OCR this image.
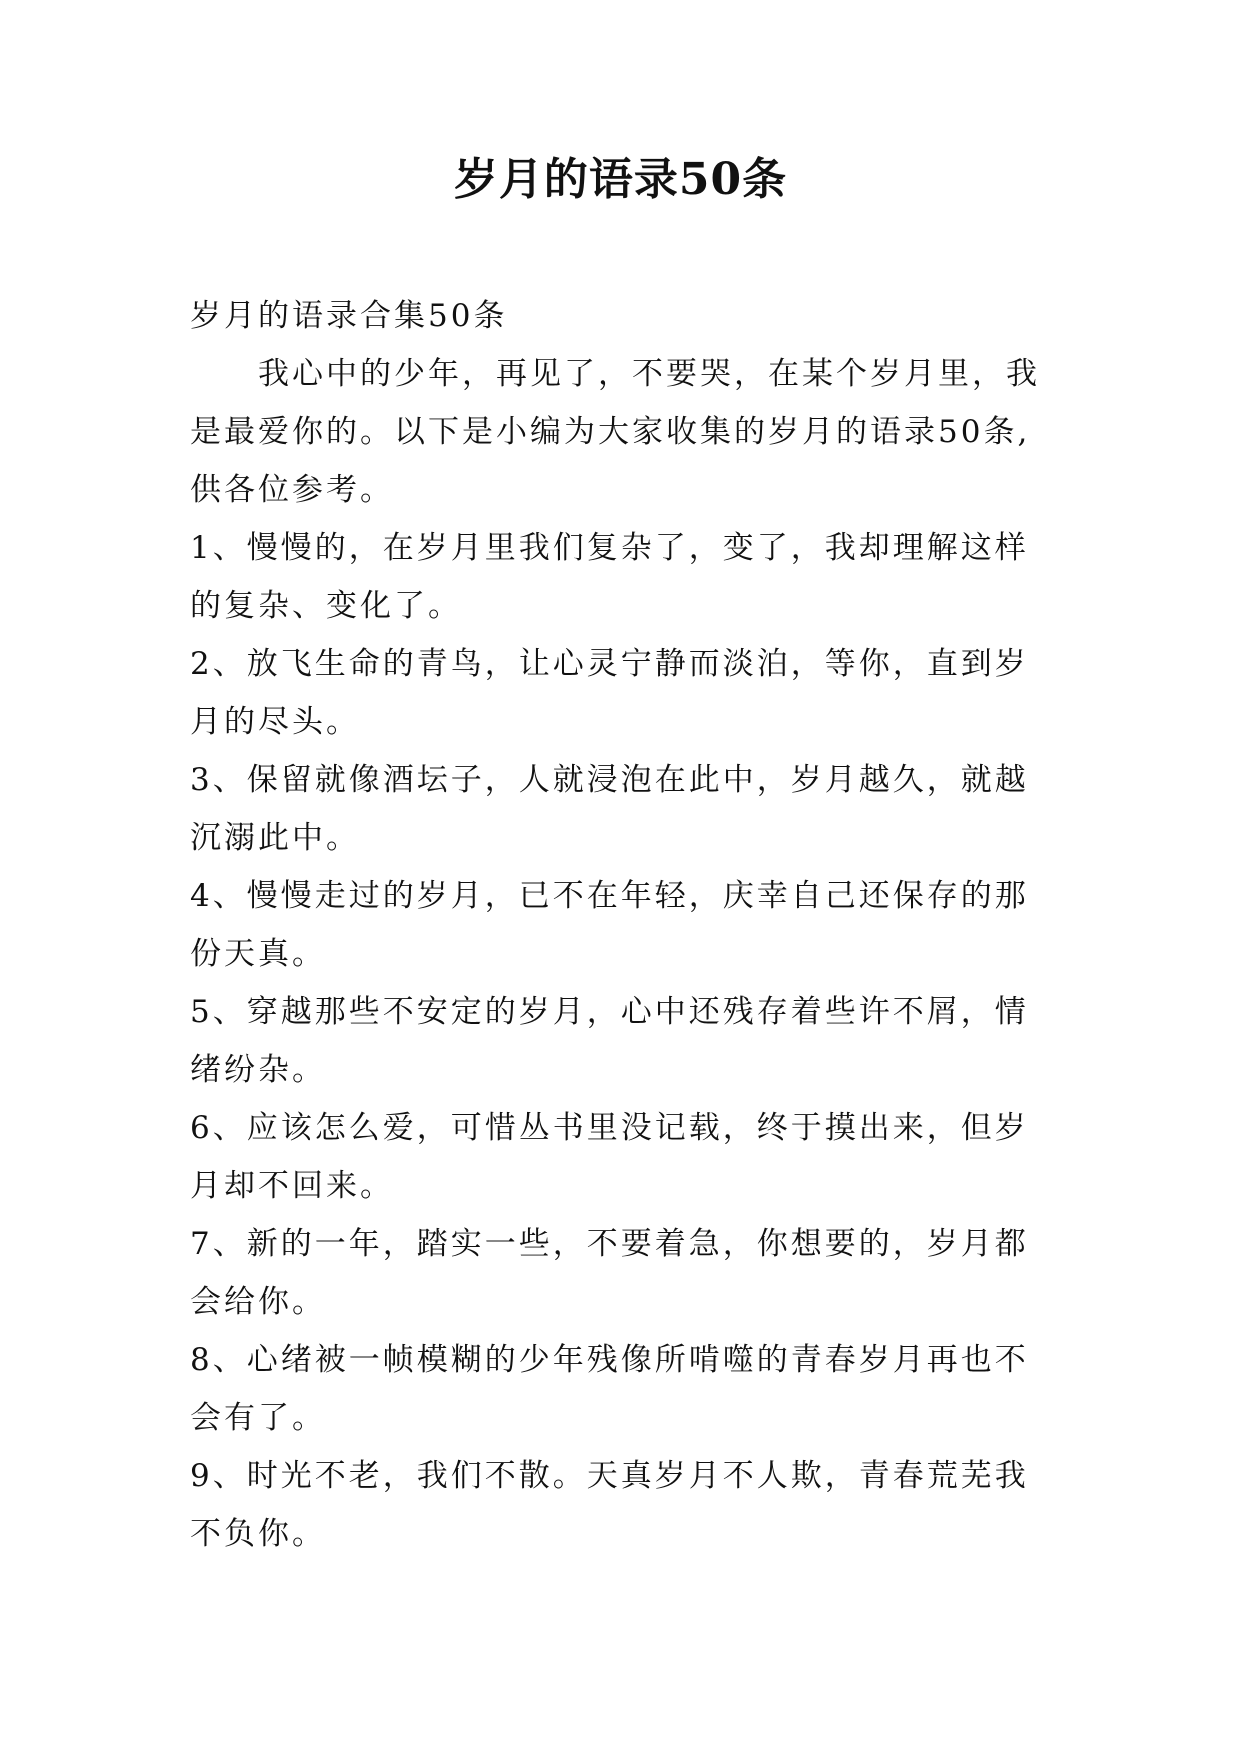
岁月的语录50条

岁月的语录合集50条

我心中的少年，再见了，不要哭，在某个岁月里，我是最爱你的。以下是小编为大家收集的岁月的语录50条,供各位参考。

1、慢慢的，在岁月里我们复杂了，变了，我却理解这样的复杂、变化了。

2、放飞生命的青鸟，让心灵宁静而淡泊，等你，直到岁月的尽头。

3、保留就像酒坛子，人就浸泡在此中，岁月越久，就越沉溺此中。

4、慢慢走过的岁月，已不在年轻，庆幸自己还保存的那份天真。

5、穿越那些不安定的岁月，心中还残存着些许不屑，情绪纷杂。

6、应该怎么爱，可惜丛书里没记载，终于摸出来，但岁月却不回来。

7、新的一年，踏实一些，不要着急，你想要的，岁月都会给你。

8、心绪被一帧模糊的少年残像所啃噬的青春岁月再也不会有了。

9、时光不老，我们不散。天真岁月不人欺，青春荒芜我不负你。
